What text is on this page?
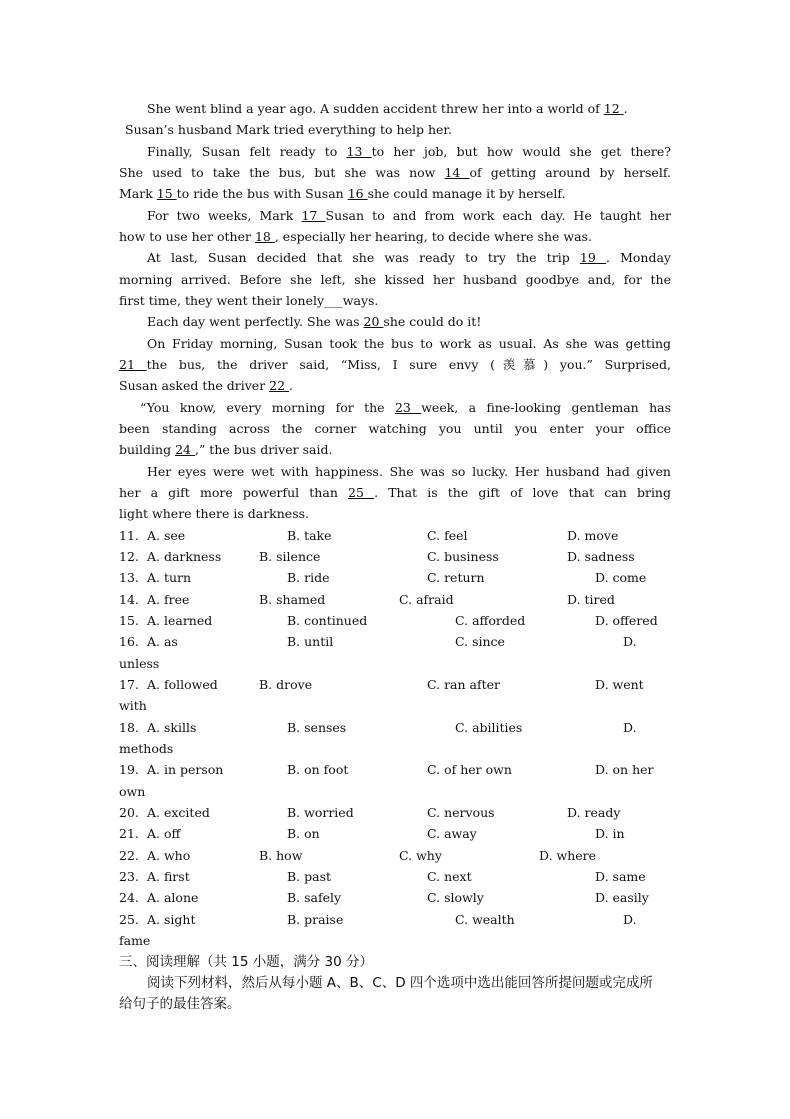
She went blind a year ago. A sudden accident threw her into a world of 12 .
Susan’s husband Mark tried everything to help her.
Finally, Susan felt ready to 13 to her job, but how would she get there?
She used to take the bus, but she was now 14 of getting around by herself.
Mark 15 to ride the bus with Susan 16 she could manage it by herself.
For two weeks, Mark 17 Susan to and from work each day. He taught her
how to use her other 18 , especially her hearing, to decide where she was.
At last, Susan decided that she was ready to try the trip 19 . Monday
morning arrived. Before she left, she kissed her husband goodbye and, for the
first time, they went their lonely___ways.
Each day went perfectly. She was 20 she could do it!
On Friday morning, Susan took the bus to work as usual. As she was getting
21 the bus, the driver said, “Miss, I sure envy (羡慕) you.” Surprised,
Susan asked the driver 22 .
“You know, every morning for the 23 week, a fine-looking gentleman has
been standing across the corner watching you until you enter your office
building 24 ,” the bus driver said.
Her eyes were wet with happiness. She was so lucky. Her husband had given
her a gift more powerful than 25 . That is the gift of love that can bring
light where there is darkness.
11. A. see	B. take	C. feel	D. move
12. A. darkness	B. silence	C. business	D. sadness
13. A. turn	B. ride	C. return	D. come
14. A. free	B. shamed	C. afraid	D. tired
15. A. learned	B. continued	C. afforded	D. offered
16. A. as	B. until	C. since	D.
unless
17. A. followed	B. drove	C. ran after	D. went
with
18. A. skills	B. senses	C. abilities	D.
methods
19. A. in person	B. on foot	C. of her own	D. on her
own
20. A. excited	B. worried	C. nervous	D. ready
21. A. off	B. on	C. away	D. in
22. A. who	B. how	C. why	D. where
23. A. first	B. past	C. next	D. same
24. A. alone	B. safely	C. slowly	D. easily
25. A. sight	B. praise	C. wealth	D.
fame
三、阅读理解（共 15 小题，满分 30 分）
阅读下列材料，然后从每小题 A、B、C、D 四个选项中选出能回答所提问题或完成所
给句子的最佳答案。
